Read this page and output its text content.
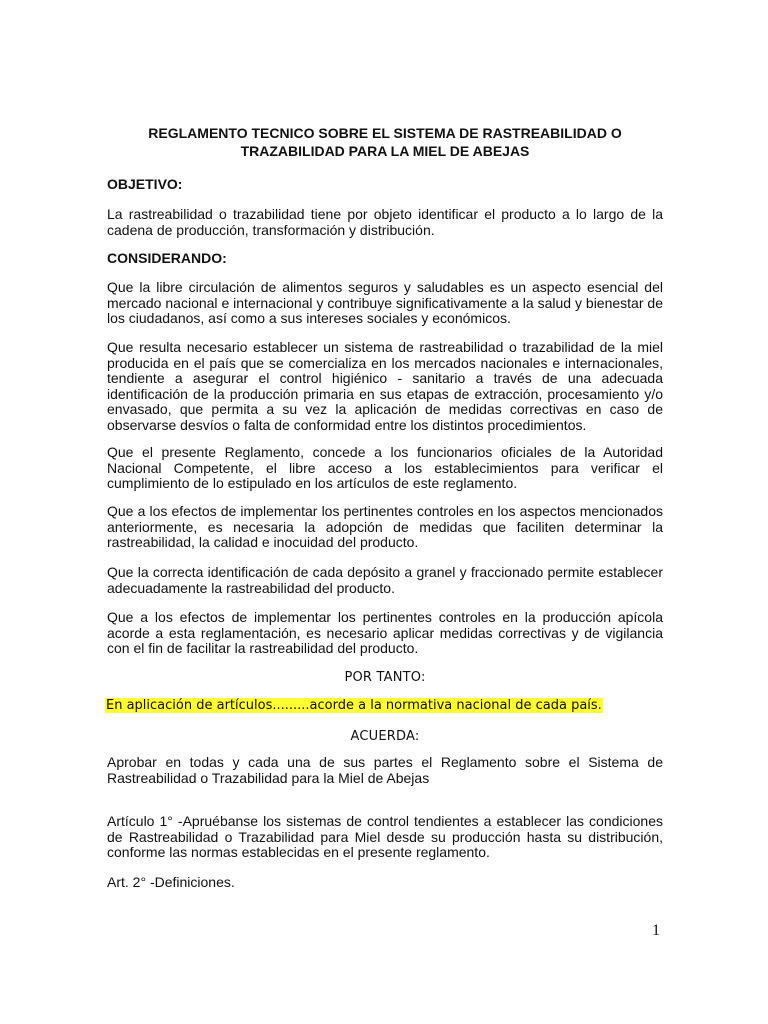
REGLAMENTO TECNICO SOBRE EL SISTEMA DE RASTREABILIDAD O
TRAZABILIDAD PARA LA MIEL DE ABEJAS
OBJETIVO:
La rastreabilidad o trazabilidad tiene por objeto identificar el producto a lo largo de la cadena de producción, transformación y distribución.
CONSIDERANDO:
Que la libre circulación de alimentos seguros y saludables es un aspecto esencial del mercado nacional e internacional y contribuye significativamente a la salud y bienestar de los ciudadanos, así como a sus intereses sociales y económicos.
Que resulta necesario establecer un sistema de rastreabilidad o trazabilidad de la miel producida en el país que se comercializa en los mercados nacionales e internacionales, tendiente a asegurar el control higiénico - sanitario a través de una adecuada identificación de la producción primaria en sus etapas de extracción, procesamiento y/o envasado, que permita a su vez la aplicación de medidas correctivas en caso de observarse desvíos o falta de conformidad entre los distintos procedimientos.
Que el presente Reglamento, concede a los funcionarios oficiales de la Autoridad Nacional Competente, el libre acceso a los establecimientos para verificar el cumplimiento de lo estipulado en los artículos de este reglamento.
Que a los efectos de implementar los pertinentes controles en los aspectos mencionados anteriormente, es necesaria la adopción de medidas que faciliten determinar la rastreabilidad, la calidad e inocuidad del producto.
Que la correcta identificación de cada depósito a granel y fraccionado permite establecer adecuadamente la rastreabilidad del producto.
Que a los efectos de implementar los pertinentes controles en la producción apícola acorde a esta reglamentación, es necesario aplicar medidas correctivas y de vigilancia con el fin de facilitar la rastreabilidad del producto.
POR TANTO:
En aplicación de artículos.........acorde a la normativa nacional de cada país.
ACUERDA:
Aprobar en todas y cada una de sus partes el Reglamento sobre el Sistema de Rastreabilidad o Trazabilidad para la Miel de Abejas
Artículo 1° -Apruébanse los sistemas de control tendientes a establecer las condiciones de Rastreabilidad o Trazabilidad para Miel desde su producción hasta su distribución, conforme las normas establecidas en el presente reglamento.
Art. 2° -Definiciones.
1
